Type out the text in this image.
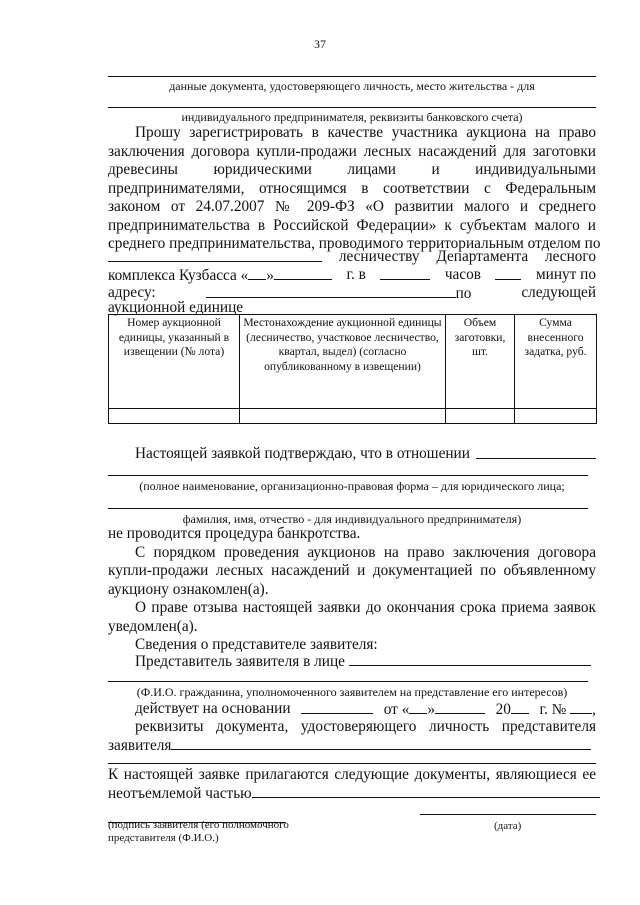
37
данные документа, удостоверяющего личность, место жительства - для
индивидуального предпринимателя, реквизиты банковского счета)
Прошу зарегистрировать в качестве участника аукциона на право
заключения договора купли-продажи лесных насаждений для заготовки
древесины юридическими лицами и индивидуальными
предпринимателями, относящимся в соответствии с Федеральным
законом от 24.07.2007 № 209-ФЗ «О развитии малого и среднего
предпринимательства в Российской Федерации» к субъектам малого и
среднего предпринимательства, проводимого территориальным отделом по
лесничеству Департамента лесного
комплекса Кузбасса « »	г. в	часов	минут по
адресу:	по	следующей
аукционной единице
Номер аукционной единицы, указанный в извещении (№ лота)	Местонахождение аукционной единицы (лесничество, участковое лесничество, квартал, выдел) (согласно опубликованному в извещении)	Объем заготовки, шт.	Сумма внесенного задатка, руб.

Настоящей заявкой подтверждаю, что в отношении
(полное наименование, организационно-правовая форма – для юридического лица;
фамилия, имя, отчество - для индивидуального предпринимателя)
не проводится процедура банкротства.
С порядком проведения аукционов на право заключения договора
купли-продажи лесных насаждений и документацией по объявленному
аукциону ознакомлен(а).
О праве отзыва настоящей заявки до окончания срока приема заявок
уведомлен(а).
Сведения о представителе заявителя:
Представитель заявителя в лице
(Ф.И.О. гражданина, уполномоченного заявителем на представление его интересов)
действует на основании	от « »	20	г. № ,
реквизиты документа, удостоверяющего личность представителя
заявителя
К настоящей заявке прилагаются следующие документы, являющиеся ее
неотъемлемой частью
(подпись заявителя (его полномочного представителя (Ф.И.О.)
(дата)
